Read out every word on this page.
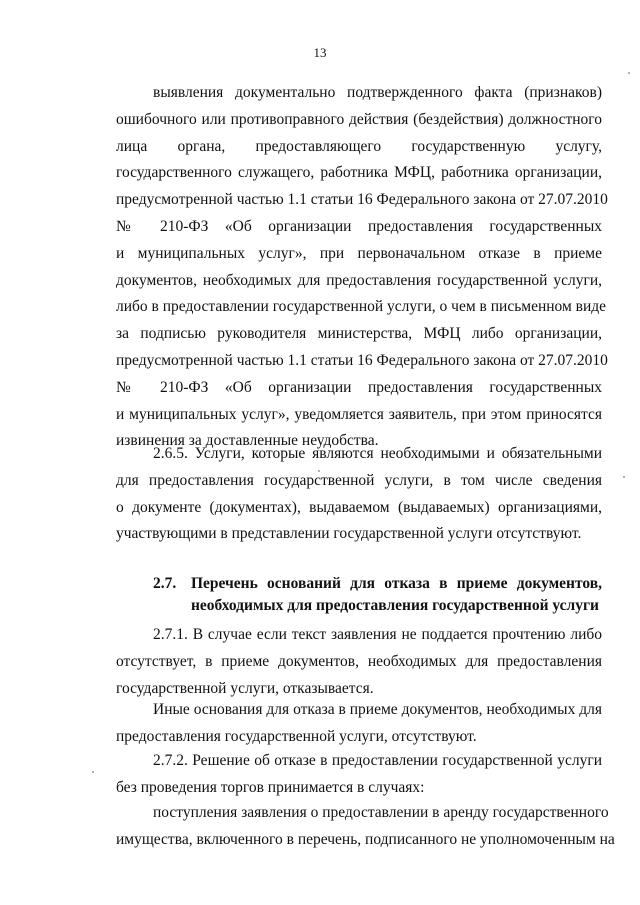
13
выявления документально подтвержденного факта (признаков)
ошибочного или противоправного действия (бездействия) должностного
лица органа, предоставляющего государственную услугу,
государственного служащего, работника МФЦ, работника организации,
предусмотренной частью 1.1 статьи 16 Федерального закона от 27.07.2010
№ 210-ФЗ «Об организации предоставления государственных
и муниципальных услуг», при первоначальном отказе в приеме
документов, необходимых для предоставления государственной услуги,
либо в предоставлении государственной услуги, о чем в письменном виде
за подписью руководителя министерства, МФЦ либо организации,
предусмотренной частью 1.1 статьи 16 Федерального закона от 27.07.2010
№ 210-ФЗ «Об организации предоставления государственных
и муниципальных услуг», уведомляется заявитель, при этом приносятся
извинения за доставленные неудобства.
2.6.5. Услуги, которые являются необходимыми и обязательными
для предоставления государственной услуги, в том числе сведения
о документе (документах), выдаваемом (выдаваемых) организациями,
участвующими в представлении государственной услуги отсутствуют.
2.7. Перечень оснований для отказа в приеме документов,
необходимых для предоставления государственной услуги
2.7.1. В случае если текст заявления не поддается прочтению либо
отсутствует, в приеме документов, необходимых для предоставления
государственной услуги, отказывается.
Иные основания для отказа в приеме документов, необходимых для
предоставления государственной услуги, отсутствуют.
2.7.2. Решение об отказе в предоставлении государственной услуги
без проведения торгов принимается в случаях:
поступления заявления о предоставлении в аренду государственного
имущества, включенного в перечень, подписанного не уполномоченным на
